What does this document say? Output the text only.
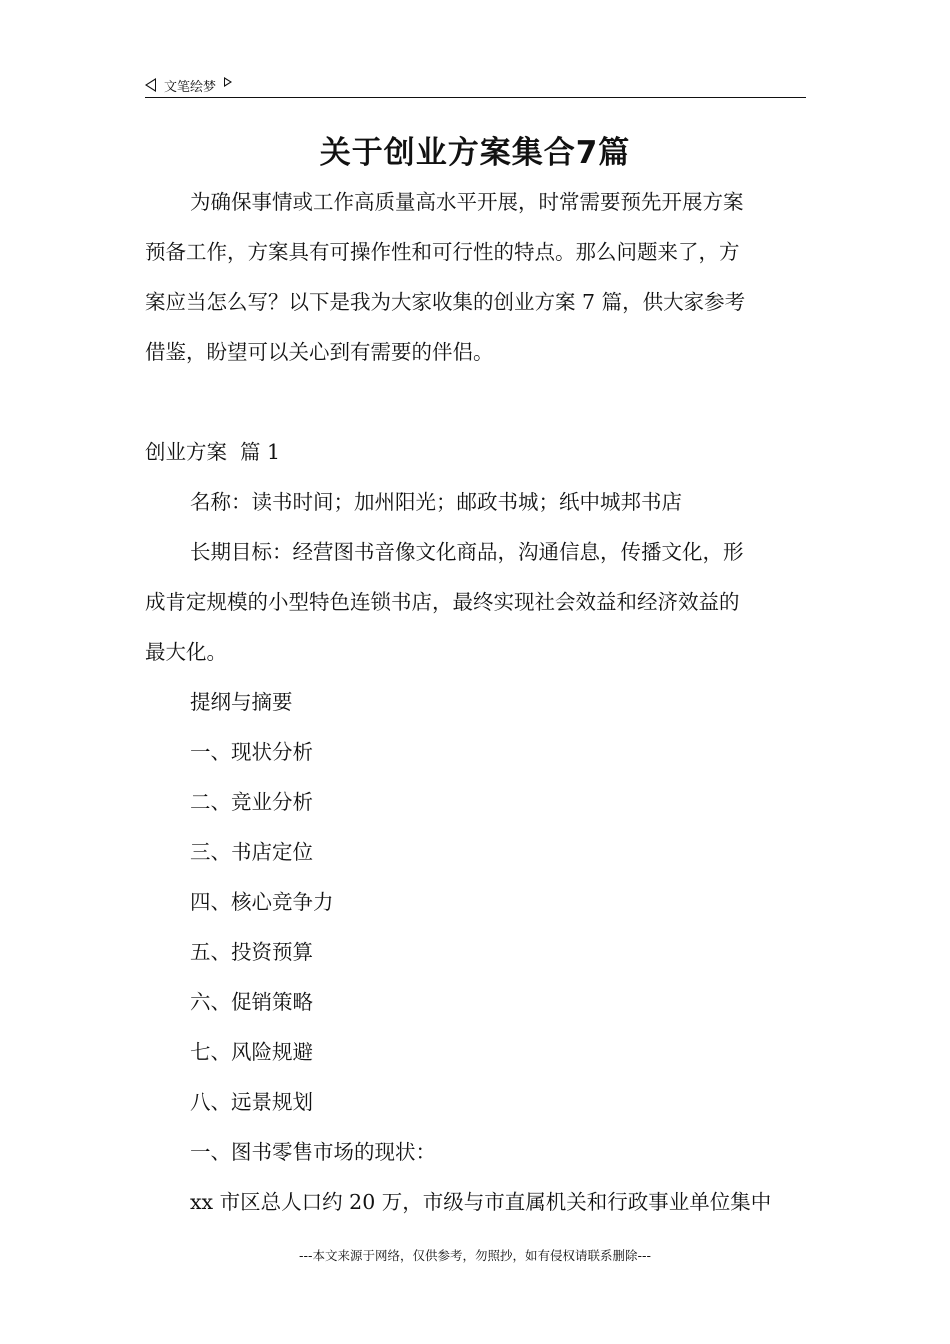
文笔绘梦
关于创业方案集合7篇

为确保事情或工作高质量高水平开展，时常需要预先开展方案

预备工作，方案具有可操作性和可行性的特点。那么问题来了，方

案应当怎么写？以下是我为大家收集的创业方案 7 篇，供大家参考

借鉴，盼望可以关心到有需要的伴侣。

创业方案  篇 1

名称：读书时间；加州阳光；邮政书城；纸中城邦书店

长期目标：经营图书音像文化商品，沟通信息，传播文化，形

成肯定规模的小型特色连锁书店，最终实现社会效益和经济效益的

最大化。

提纲与摘要

一、现状分析

二、竞业分析

三、书店定位

四、核心竞争力

五、投资预算

六、促销策略

七、风险规避

八、远景规划

一、图书零售市场的现状：

xx 市区总人口约 20 万，市级与市直属机关和行政事业单位集中

---本文来源于网络，仅供参考，勿照抄，如有侵权请联系删除---
